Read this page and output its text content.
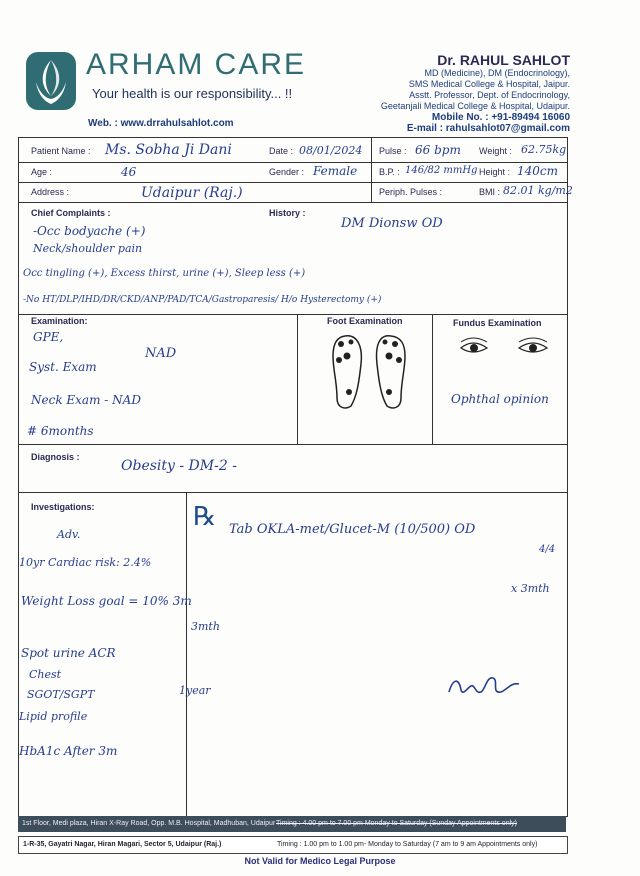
ARHAM CARE
Your health is our responsibility... !!
Web. : www.drrahulsahlot.com
Dr. RAHUL SAHLOT
MD (Medicine), DM (Endocrinology),
SMS Medical College & Hospital, Jaipur.
Asstt. Professor, Dept. of Endocrinology,
Geetanjali Medical College & Hospital, Udaipur.
Mobile No. : +91-89494 16060
E-mail : rahulsahlot07@gmail.com
Patient Name : Ms. Sobha Ji Dani	Date : 08/01/2024 Pulse : 66 bpm Weight : 62.75kg
Age :	46	Gender : Female B.P. : 146/82 mmHg Height : 140cm
Address :	Udaipur (Raj.)	Periph. Pulses :	BMI : 82.01 kg/m2
Chief Complaints :	History :
DM Dionsw OD
-Occ bodyache (+)
Neck/shoulder pain
Occ tingling (+), Excess thirst, urine (+), Sleep less (+)
-No HT/DLP/IHD/DR/CKD/ANP/PAD/TCA/Gastroparesis/ H/o Hysterectomy (+)
Examination:
GPE,
Syst. Exam
Neck Exam - NAD
# 6months
NAD
Foot Examination	Fundus Examination
Ophthal opinion
Diagnosis :
Obesity - DM-2 -
Investigations:
Adv.
10yr Cardiac risk: 2.4%
Weight Loss goal = 10% 3m
3mth
Spot urine ACR
Chest
SGOT/SGPT
Lipid profile
1year
HbA1c After 3m
℞ Tab OKLA-met/Glucet-M (10/500) OD
4/4
x 3mth
1st Floor, Medi plaza, Hiran X-Ray Road, Opp. M.B. Hospital, Madhuban, Udaipur Timing : 4.00 pm to 7.00 pm Monday to Saturday (Sunday Appointments only)
1-R-35, Gayatri Nagar, Hiran Magari, Sector 5, Udaipur (Raj.)	Timing : 1.00 pm to 1.00 pm- Monday to Saturday (7 am to 9 am Appointments only)
Not Valid for Medico Legal Purpose
